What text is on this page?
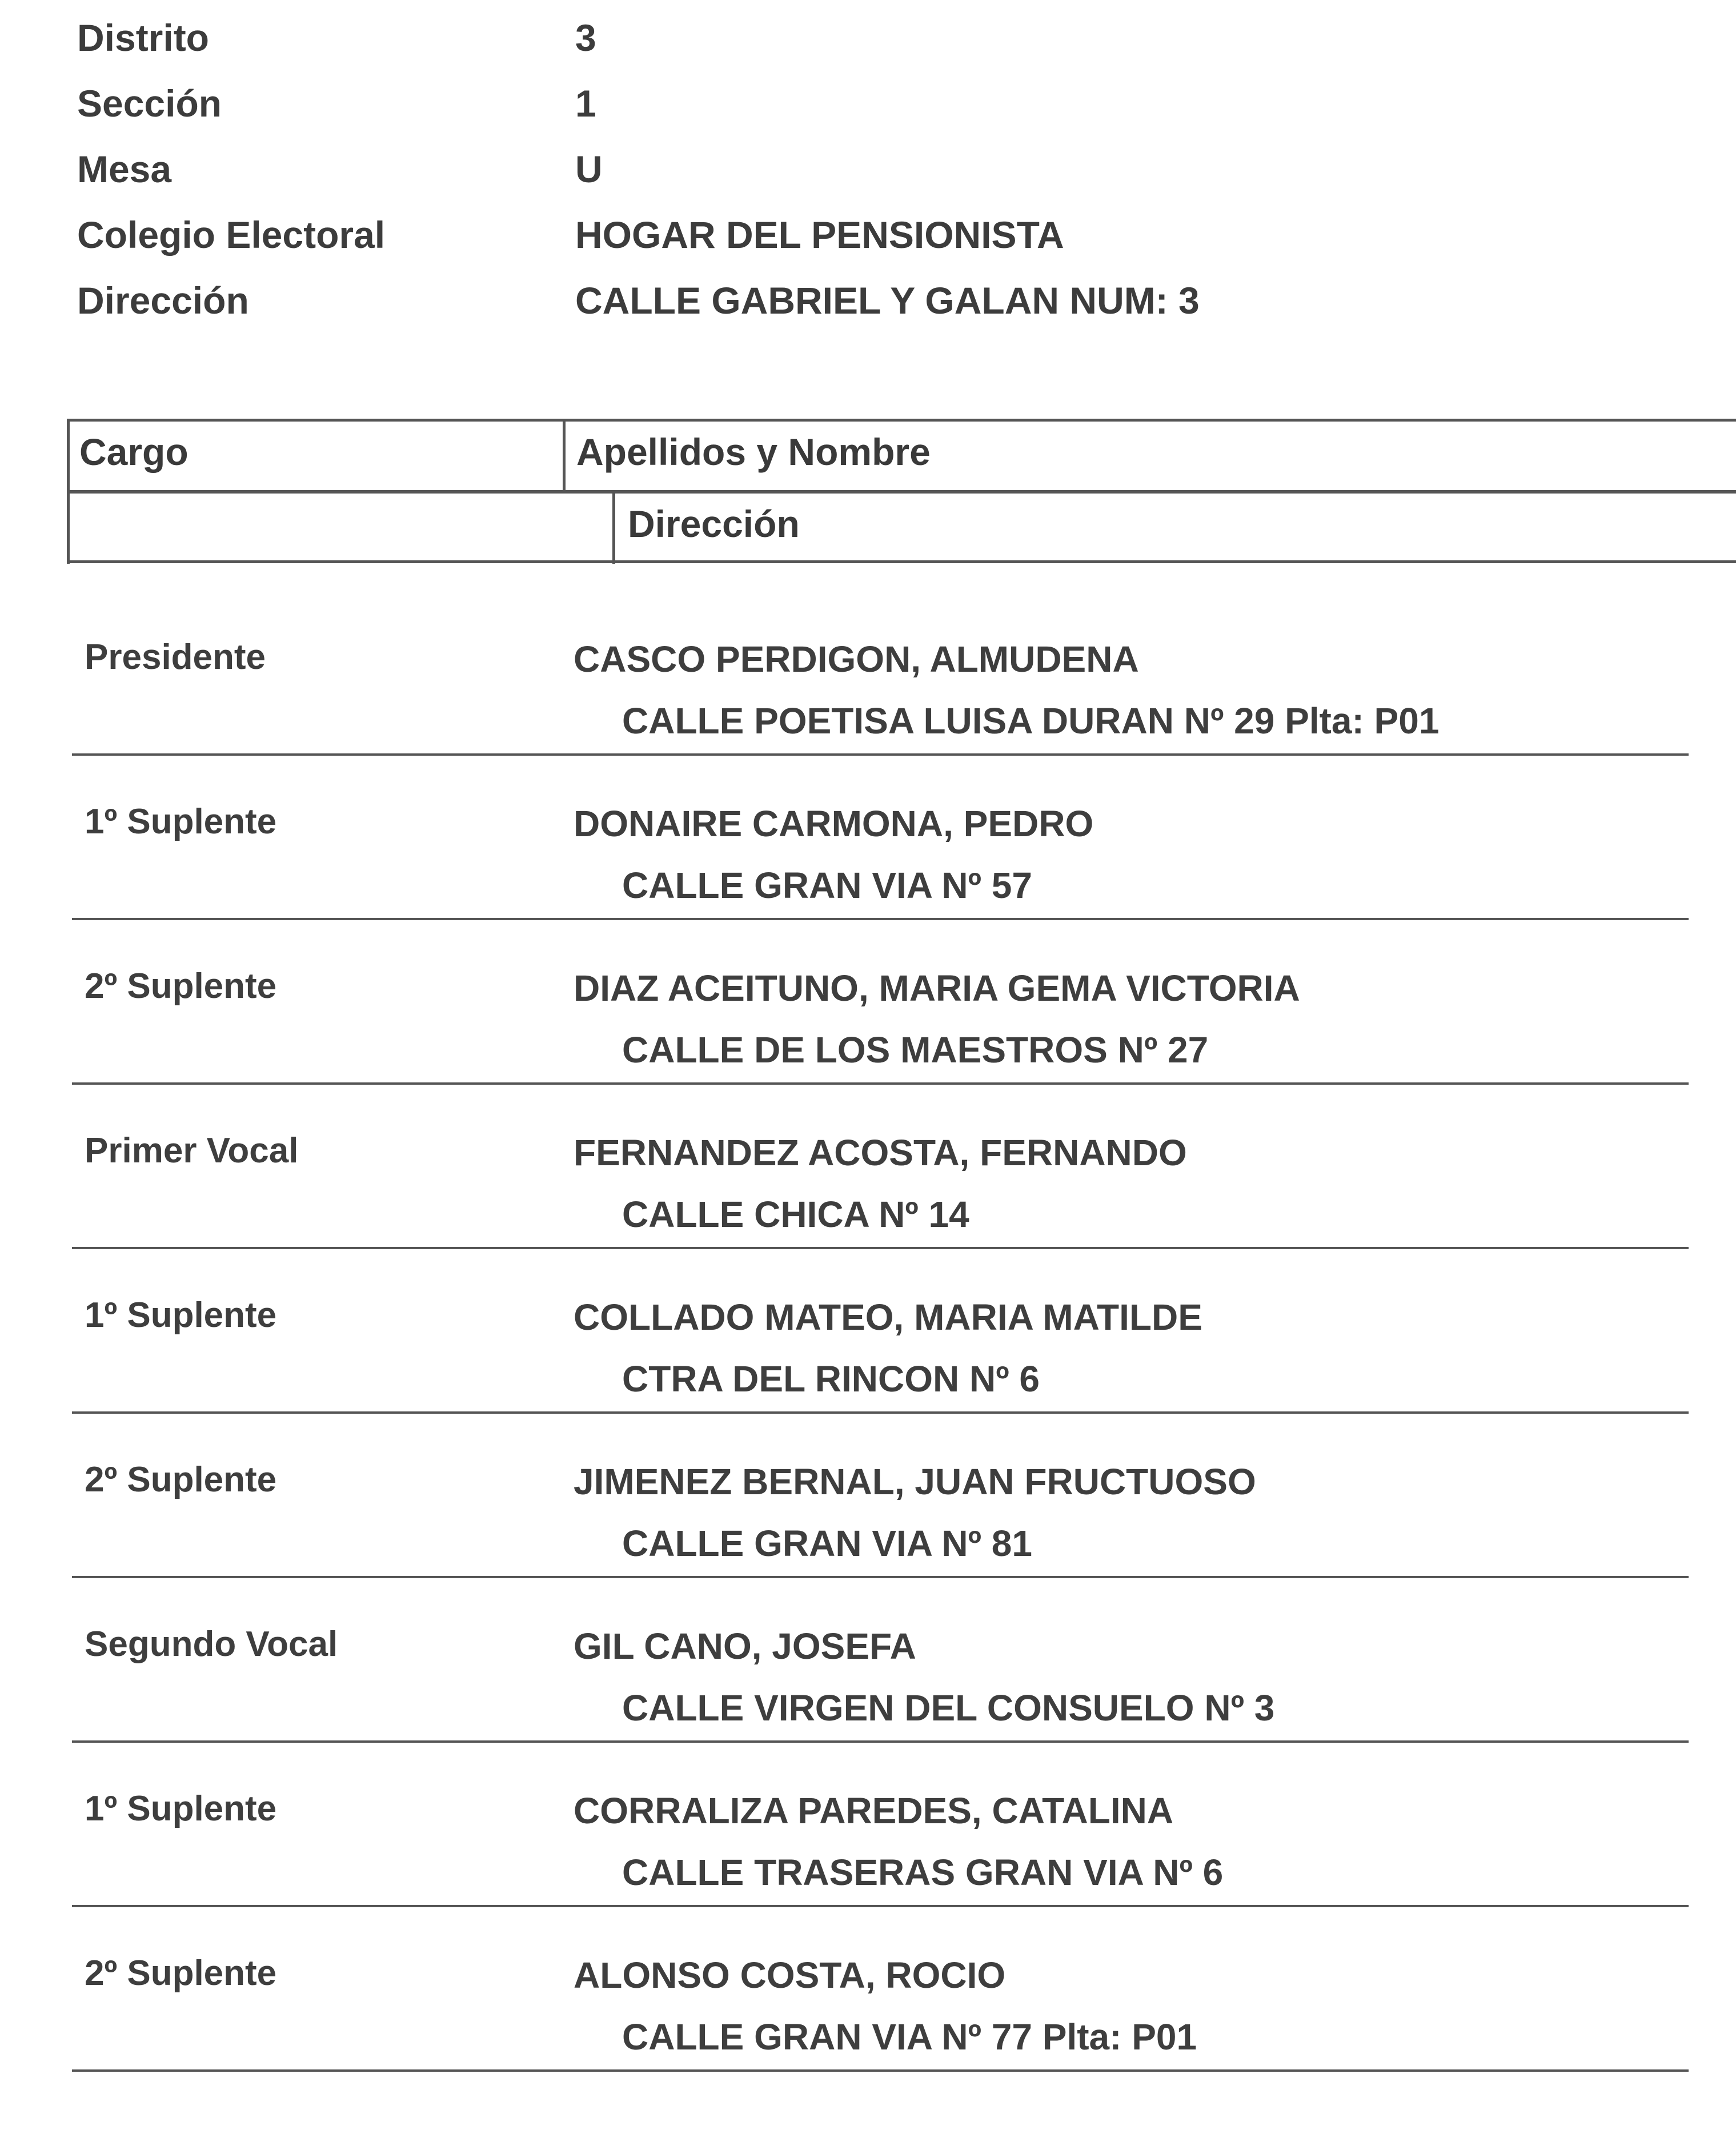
Distrito	3
Sección	1
Mesa	U
Colegio Electoral	HOGAR DEL PENSIONISTA
Dirección	CALLE GABRIEL Y GALAN NUM: 3
Cargo	Apellidos y Nombre
Dirección
Presidente	CASCO PERDIGON, ALMUDENA
CALLE POETISA LUISA DURAN Nº 29 Plta: P01
1º Suplente	DONAIRE CARMONA, PEDRO
CALLE GRAN VIA Nº 57
2º Suplente	DIAZ ACEITUNO, MARIA GEMA VICTORIA
CALLE DE LOS MAESTROS Nº 27
Primer Vocal	FERNANDEZ ACOSTA, FERNANDO
CALLE CHICA Nº 14
1º Suplente	COLLADO MATEO, MARIA MATILDE
CTRA DEL RINCON Nº 6
2º Suplente	JIMENEZ BERNAL, JUAN FRUCTUOSO
CALLE GRAN VIA Nº 81
Segundo Vocal	GIL CANO, JOSEFA
CALLE VIRGEN DEL CONSUELO Nº 3
1º Suplente	CORRALIZA PAREDES, CATALINA
CALLE TRASERAS GRAN VIA Nº 6
2º Suplente	ALONSO COSTA, ROCIO
CALLE GRAN VIA Nº 77 Plta: P01
